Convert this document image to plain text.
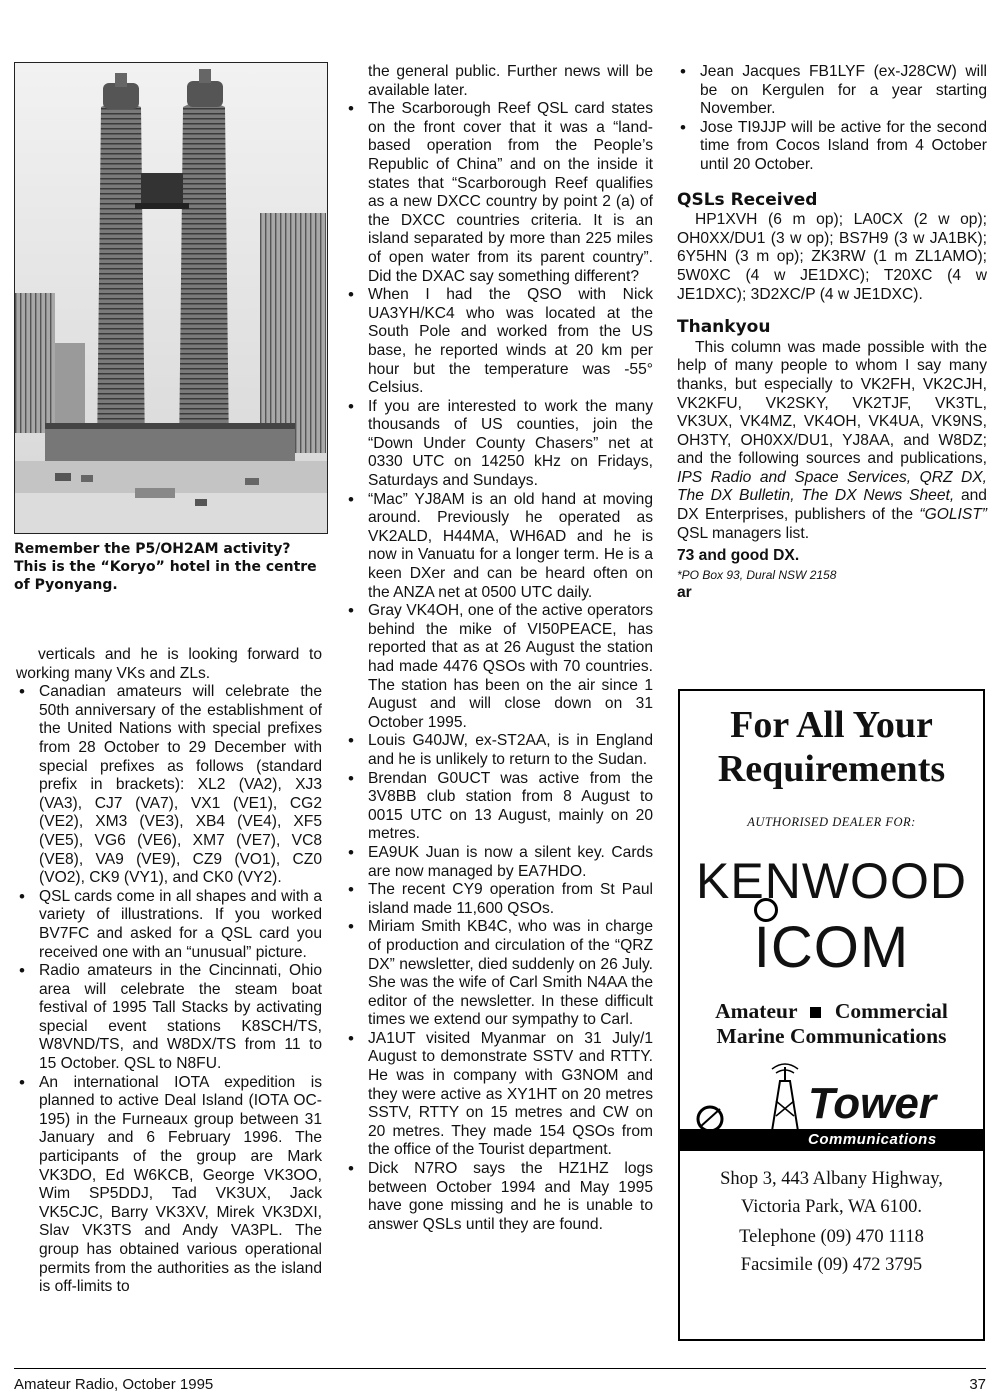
Remember the P5/OH2AM activity? This is the “Koryo” hotel in the centre of Pyonyang.

verticals and he is looking forward to working many VKs and ZLs.

• Canadian amateurs will celebrate the 50th anniversary of the establishment of the United Nations with special prefixes from 28 October to 29 December with special prefixes as follows (standard prefix in brackets): XL2 (VA2), XJ3 (VA3), CJ7 (VA7), VX1 (VE1), CG2 (VE2), XM3 (VE3), XB4 (VE4), XF5 (VE5), VG6 (VE6), XM7 (VE7), VC8 (VE8), VA9 (VE9), CZ9 (VO1), CZ0 (VO2), CK9 (VY1), and CK0 (VY2).
• QSL cards come in all shapes and with a variety of illustrations. If you worked BV7FC and asked for a QSL card you received one with an “unusual” picture.
• Radio amateurs in the Cincinnati, Ohio area will celebrate the steam boat festival of 1995 Tall Stacks by activating special event stations K8SCH/TS, W8VND/TS, and W8DX/TS from 11 to 15 October. QSL to N8FU.
• An international IOTA expedition is planned to active Deal Island (IOTA OC-195) in the Furneaux group between 31 January and 6 February 1996. The participants of the group are Mark VK3DO, Ed W6KCB, George VK3OO, Wim SP5DDJ, Tad VK3UX, Jack VK5CJC, Barry VK3XV, Mirek VK3DXI, Slav VK3TS and Andy VA3PL. The group has obtained various operational permits from the authorities as the island is off-limits to

the general public. Further news will be available later.

• The Scarborough Reef QSL card states on the front cover that it was a “land-based operation from the People’s Republic of China” and on the inside it states that “Scarborough Reef qualifies as a new DXCC country by point 2 (a) of the DXCC countries criteria. It is an island separated by more than 225 miles of open water from its parent country”. Did the DXAC say something different?
• When I had the QSO with Nick UA3YH/KC4 who was located at the South Pole and worked from the US base, he reported winds at 20 km per hour but the temperature was -55° Celsius.
• If you are interested to work the many thousands of US counties, join the “Down Under County Chasers” net at 0330 UTC on 14250 kHz on Fridays, Saturdays and Sundays.
• “Mac” YJ8AM is an old hand at moving around. Previously he operated as VK2ALD, H44MA, WH6AD and he is now in Vanuatu for a longer term. He is a keen DXer and can be heard often on the ANZA net at 0500 UTC daily.
• Gray VK4OH, one of the active operators behind the mike of VI50PEACE, has reported that as at 26 August the station had made 4476 QSOs with 70 countries. The station has been on the air since 1 August and will close down on 31 October 1995.
• Louis G40JW, ex-ST2AA, is in England and he is unlikely to return to the Sudan.
• Brendan G0UCT was active from the 3V8BB club station from 8 August to 0015 UTC on 13 August, mainly on 20 metres.
• EA9UK Juan is now a silent key. Cards are now managed by EA7HDO.
• The recent CY9 operation from St Paul island made 11,600 QSOs.
• Miriam Smith KB4C, who was in charge of production and circulation of the “QRZ DX” newsletter, died suddenly on 26 July. She was the wife of Carl Smith N4AA the editor of the newsletter. In these difficult times we extend our sympathy to Carl.
• JA1UT visited Myanmar on 31 July/1 August to demonstrate SSTV and RTTY. He was in company with G3NOM and they were active as XY1HT on 20 metres SSTV, RTTY on 15 metres and CW on 20 metres. They made 154 QSOs from the office of the Tourist department.
• Dick N7RO says the HZ1HZ logs between October 1994 and May 1995 have gone missing and he is unable to answer QSLs until they are found.
• Jean Jacques FB1LYF (ex-J28CW) will be on Kergulen for a year starting November.
• Jose TI9JJP will be active for the second time from Cocos Island from 4 October until 20 October.
QSLs Received

HP1XVH (6 m op); LA0CX (2 w op); OH0XX/DU1 (3 w op); BS7H9 (3 w JA1BK); 6Y5HN (3 m op); ZK3RW (1 m ZL1AMO); 5W0XC (4 w JE1DXC); T20XC (4 w JE1DXC); 3D2XC/P (4 w JE1DXC).

Thankyou

This column was made possible with the help of many people to whom I say many thanks, but especially to VK2FH, VK2CJH, VK2KFU, VK2SKY, VK2TJF, VK3TL, VK3UX, VK4MZ, VK4OH, VK4UA, VK9NS, OH3TY, OH0XX/DU1, YJ8AA, and W8DZ; and the following sources and publications, IPS Radio and Space Services, QRZ DX, The DX Bulletin, The DX News Sheet, and DX Enterprises, publishers of the “GOLIST” QSL managers list.

73 and good DX.

*PO Box 93, Dural NSW 2158

ar

For All Your Requirements
AUTHORISED DEALER FOR:
KENWOOD
ICOM
Amateur Commercial
Marine Communications
Tower
Communications
Shop 3, 443 Albany Highway,
Victoria Park, WA 6100.
Telephone (09) 470 1118
Facsimile (09) 472 3795
Amateur Radio, October 1995	37
